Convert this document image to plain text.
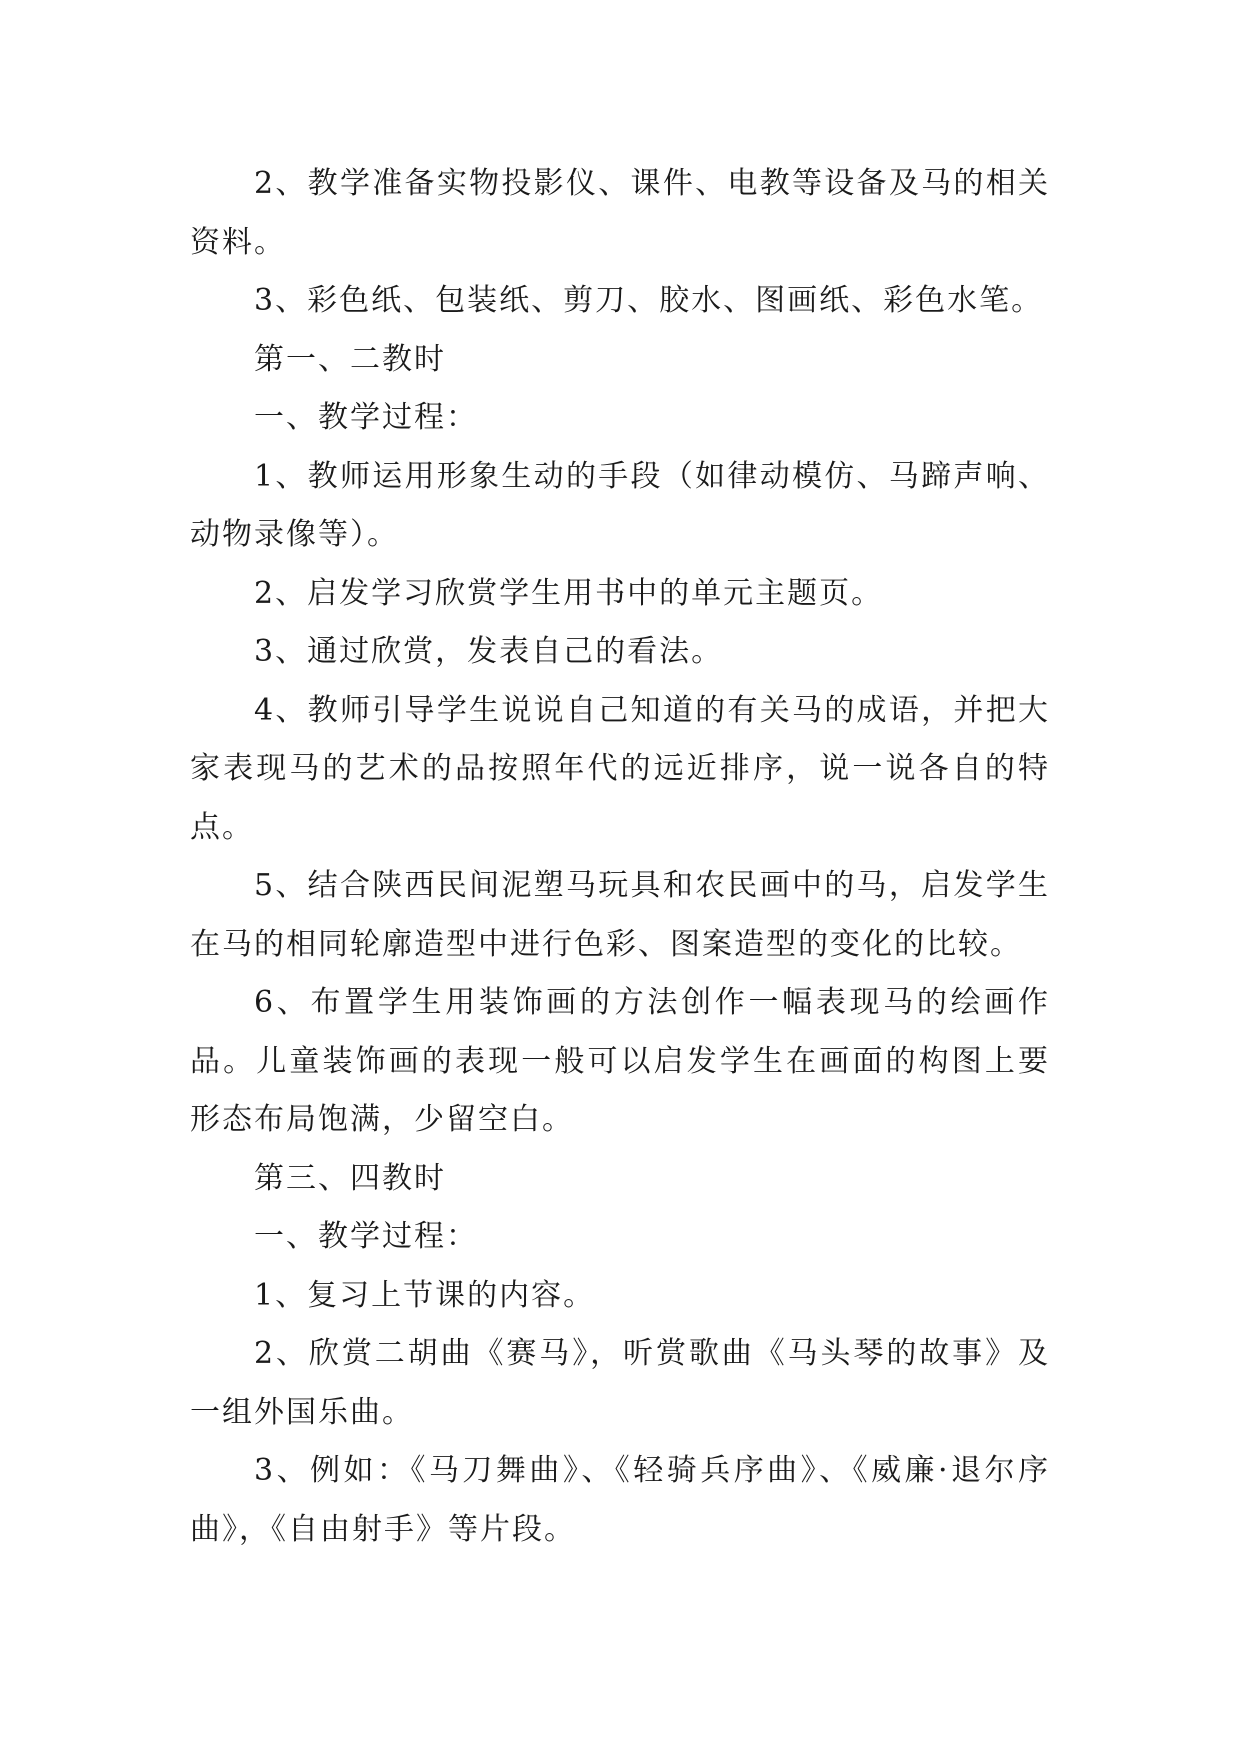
2、教学准备实物投影仪、课件、电教等设备及马的相关资料。

3、彩色纸、包装纸、剪刀、胶水、图画纸、彩色水笔。

第一、二教时

一、教学过程：

1、教师运用形象生动的手段（如律动模仿、马蹄声响、动物录像等）。

2、启发学习欣赏学生用书中的单元主题页。

3、通过欣赏，发表自己的看法。

4、教师引导学生说说自己知道的有关马的成语，并把大家表现马的艺术的品按照年代的远近排序，说一说各自的特点。

5、结合陕西民间泥塑马玩具和农民画中的马，启发学生在马的相同轮廓造型中进行色彩、图案造型的变化的比较。

6、布置学生用装饰画的方法创作一幅表现马的绘画作品。儿童装饰画的表现一般可以启发学生在画面的构图上要形态布局饱满，少留空白。

第三、四教时

一、教学过程：

1、复习上节课的内容。

2、欣赏二胡曲《赛马》，听赏歌曲《马头琴的故事》及一组外国乐曲。

3、例如：《马刀舞曲》、《轻骑兵序曲》、《威廉·退尔序曲》，《自由射手》等片段。
